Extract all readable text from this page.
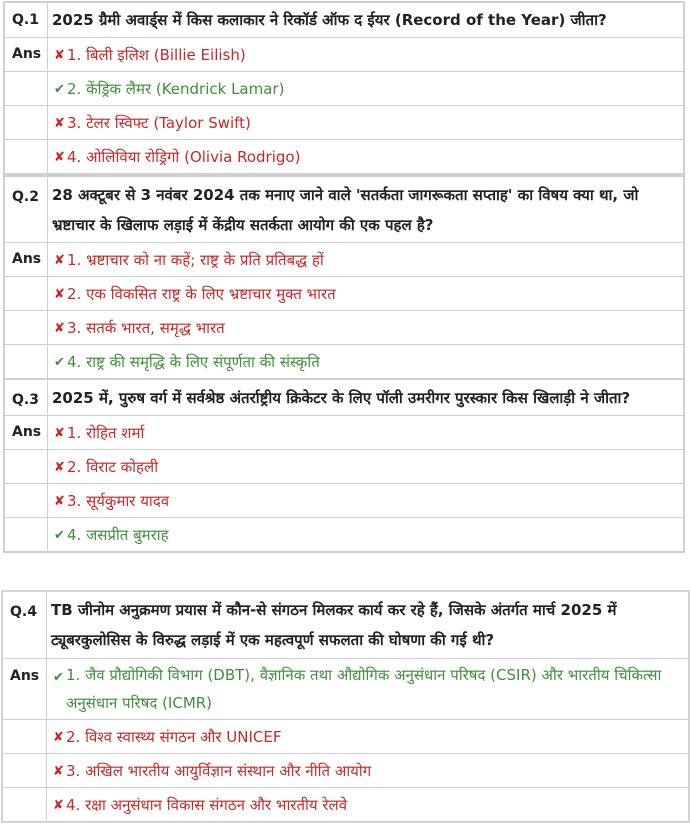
Q.1	2025 ग्रैमी अवार्ड्स में किस कलाकार ने रिकॉर्ड ऑफ द ईयर (Record of the Year) जीता?
Ans	✘ 1. बिली इलिश (Billie Eilish)

	✔ 2. केंड्रिक लैमर (Kendrick Lamar)

	✘ 3. टेलर स्विफ्ट (Taylor Swift)

	✘ 4. ओलिविया रोड्रिगो (Olivia Rodrigo)
Q.2	28 अक्टूबर से 3 नवंबर 2024 तक मनाए जाने वाले 'सतर्कता जागरूकता सप्ताह' का विषय क्या था, जो भ्रष्टाचार के खिलाफ लड़ाई में केंद्रीय सतर्कता आयोग की एक पहल है?
Ans	✘ 1. भ्रष्टाचार को ना कहें; राष्ट्र के प्रति प्रतिबद्ध हों

	✘ 2. एक विकसित राष्ट्र के लिए भ्रष्टाचार मुक्त भारत

	✘ 3. सतर्क भारत, समृद्ध भारत

	✔ 4. राष्ट्र की समृद्धि के लिए संपूर्णता की संस्कृति
Q.3	2025 में, पुरुष वर्ग में सर्वश्रेष्ठ अंतर्राष्ट्रीय क्रिकेटर के लिए पॉली उमरीगर पुरस्कार किस खिलाड़ी ने जीता?
Ans	✘ 1. रोहित शर्मा

	✘ 2. विराट कोहली

	✘ 3. सूर्यकुमार यादव

	✔ 4. जसप्रीत बुमराह
Q.4	TB जीनोम अनुक्रमण प्रयास में कौन-से संगठन मिलकर कार्य कर रहे हैं, जिसके अंतर्गत मार्च 2025 में ट्यूबरकुलोसिस के विरुद्ध लड़ाई में एक महत्वपूर्ण सफलता की घोषणा की गई थी?
Ans	✔ 1. जैव प्रौद्योगिकी विभाग (DBT), वैज्ञानिक तथा औद्योगिक अनुसंधान परिषद (CSIR) और भारतीय चिकित्सा अनुसंधान परिषद (ICMR)

	✘ 2. विश्व स्वास्थ्य संगठन और UNICEF

	✘ 3. अखिल भारतीय आयुर्विज्ञान संस्थान और नीति आयोग

	✘ 4. रक्षा अनुसंधान विकास संगठन और भारतीय रेलवे
